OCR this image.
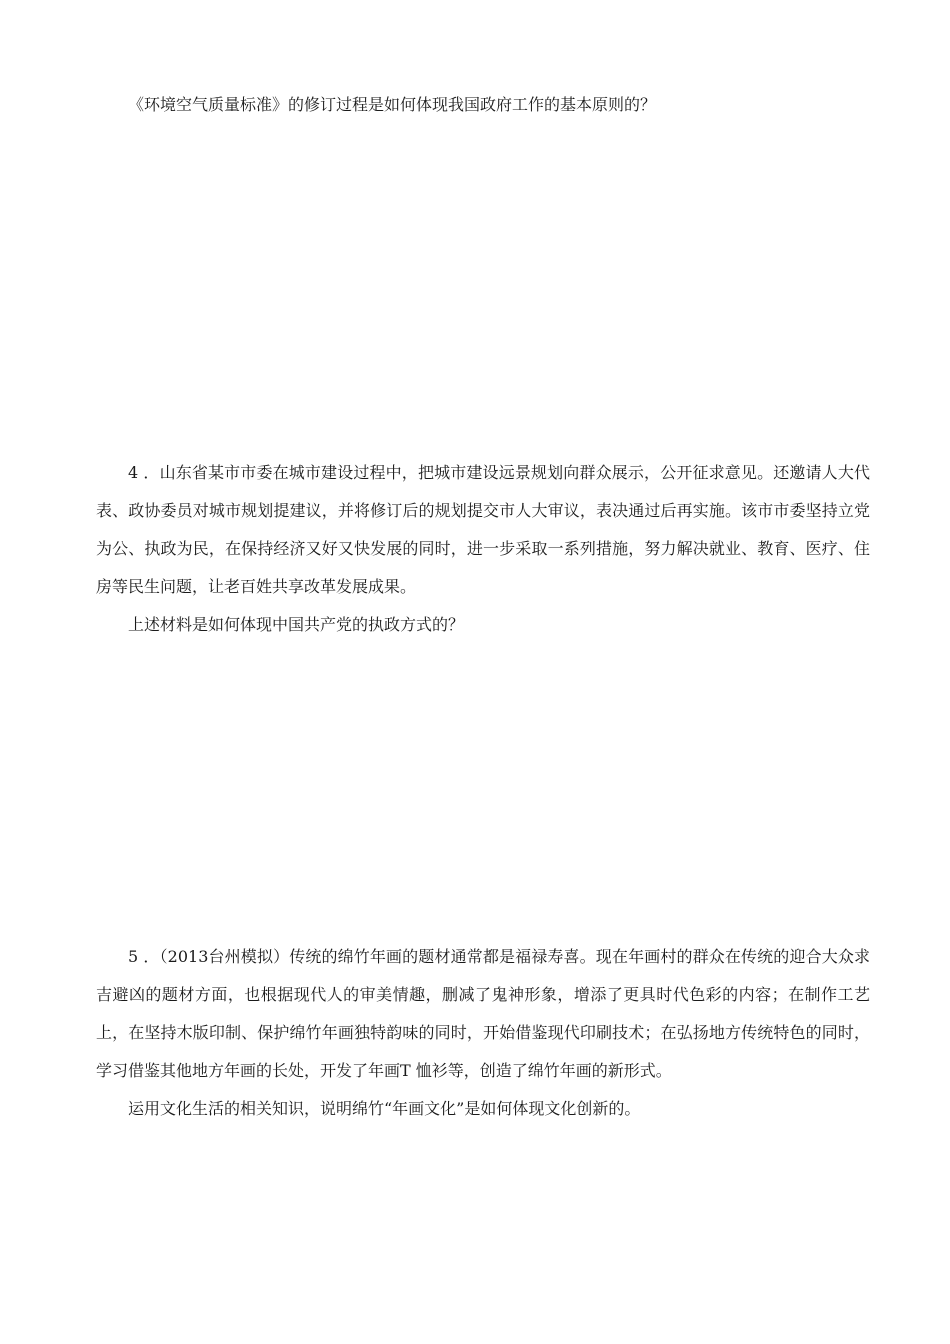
《环境空气质量标准》的修订过程是如何体现我国政府工作的基本原则的？

4 ．山东省某市市委在城市建设过程中，把城市建设远景规划向群众展示，公开征求意见。还邀请人大代表、政协委员对城市规划提建议，并将修订后的规划提交市人大审议，表决通过后再实施。该市市委坚持立党为公、执政为民，在保持经济又好又快发展的同时，进一步采取一系列措施，努力解决就业、教育、医疗、住房等民生问题，让老百姓共享改革发展成果。

上述材料是如何体现中国共产党的执政方式的？

5 ．（2013台州模拟）传统的绵竹年画的题材通常都是福禄寿喜。现在年画村的群众在传统的迎合大众求吉避凶的题材方面，也根据现代人的审美情趣，删减了鬼神形象，增添了更具时代色彩的内容；在制作工艺上，在坚持木版印制、保护绵竹年画独特韵味的同时，开始借鉴现代印刷技术；在弘扬地方传统特色的同时，学习借鉴其他地方年画的长处，开发了年画T 恤衫等，创造了绵竹年画的新形式。

运用文化生活的相关知识，说明绵竹“年画文化”是如何体现文化创新的。
